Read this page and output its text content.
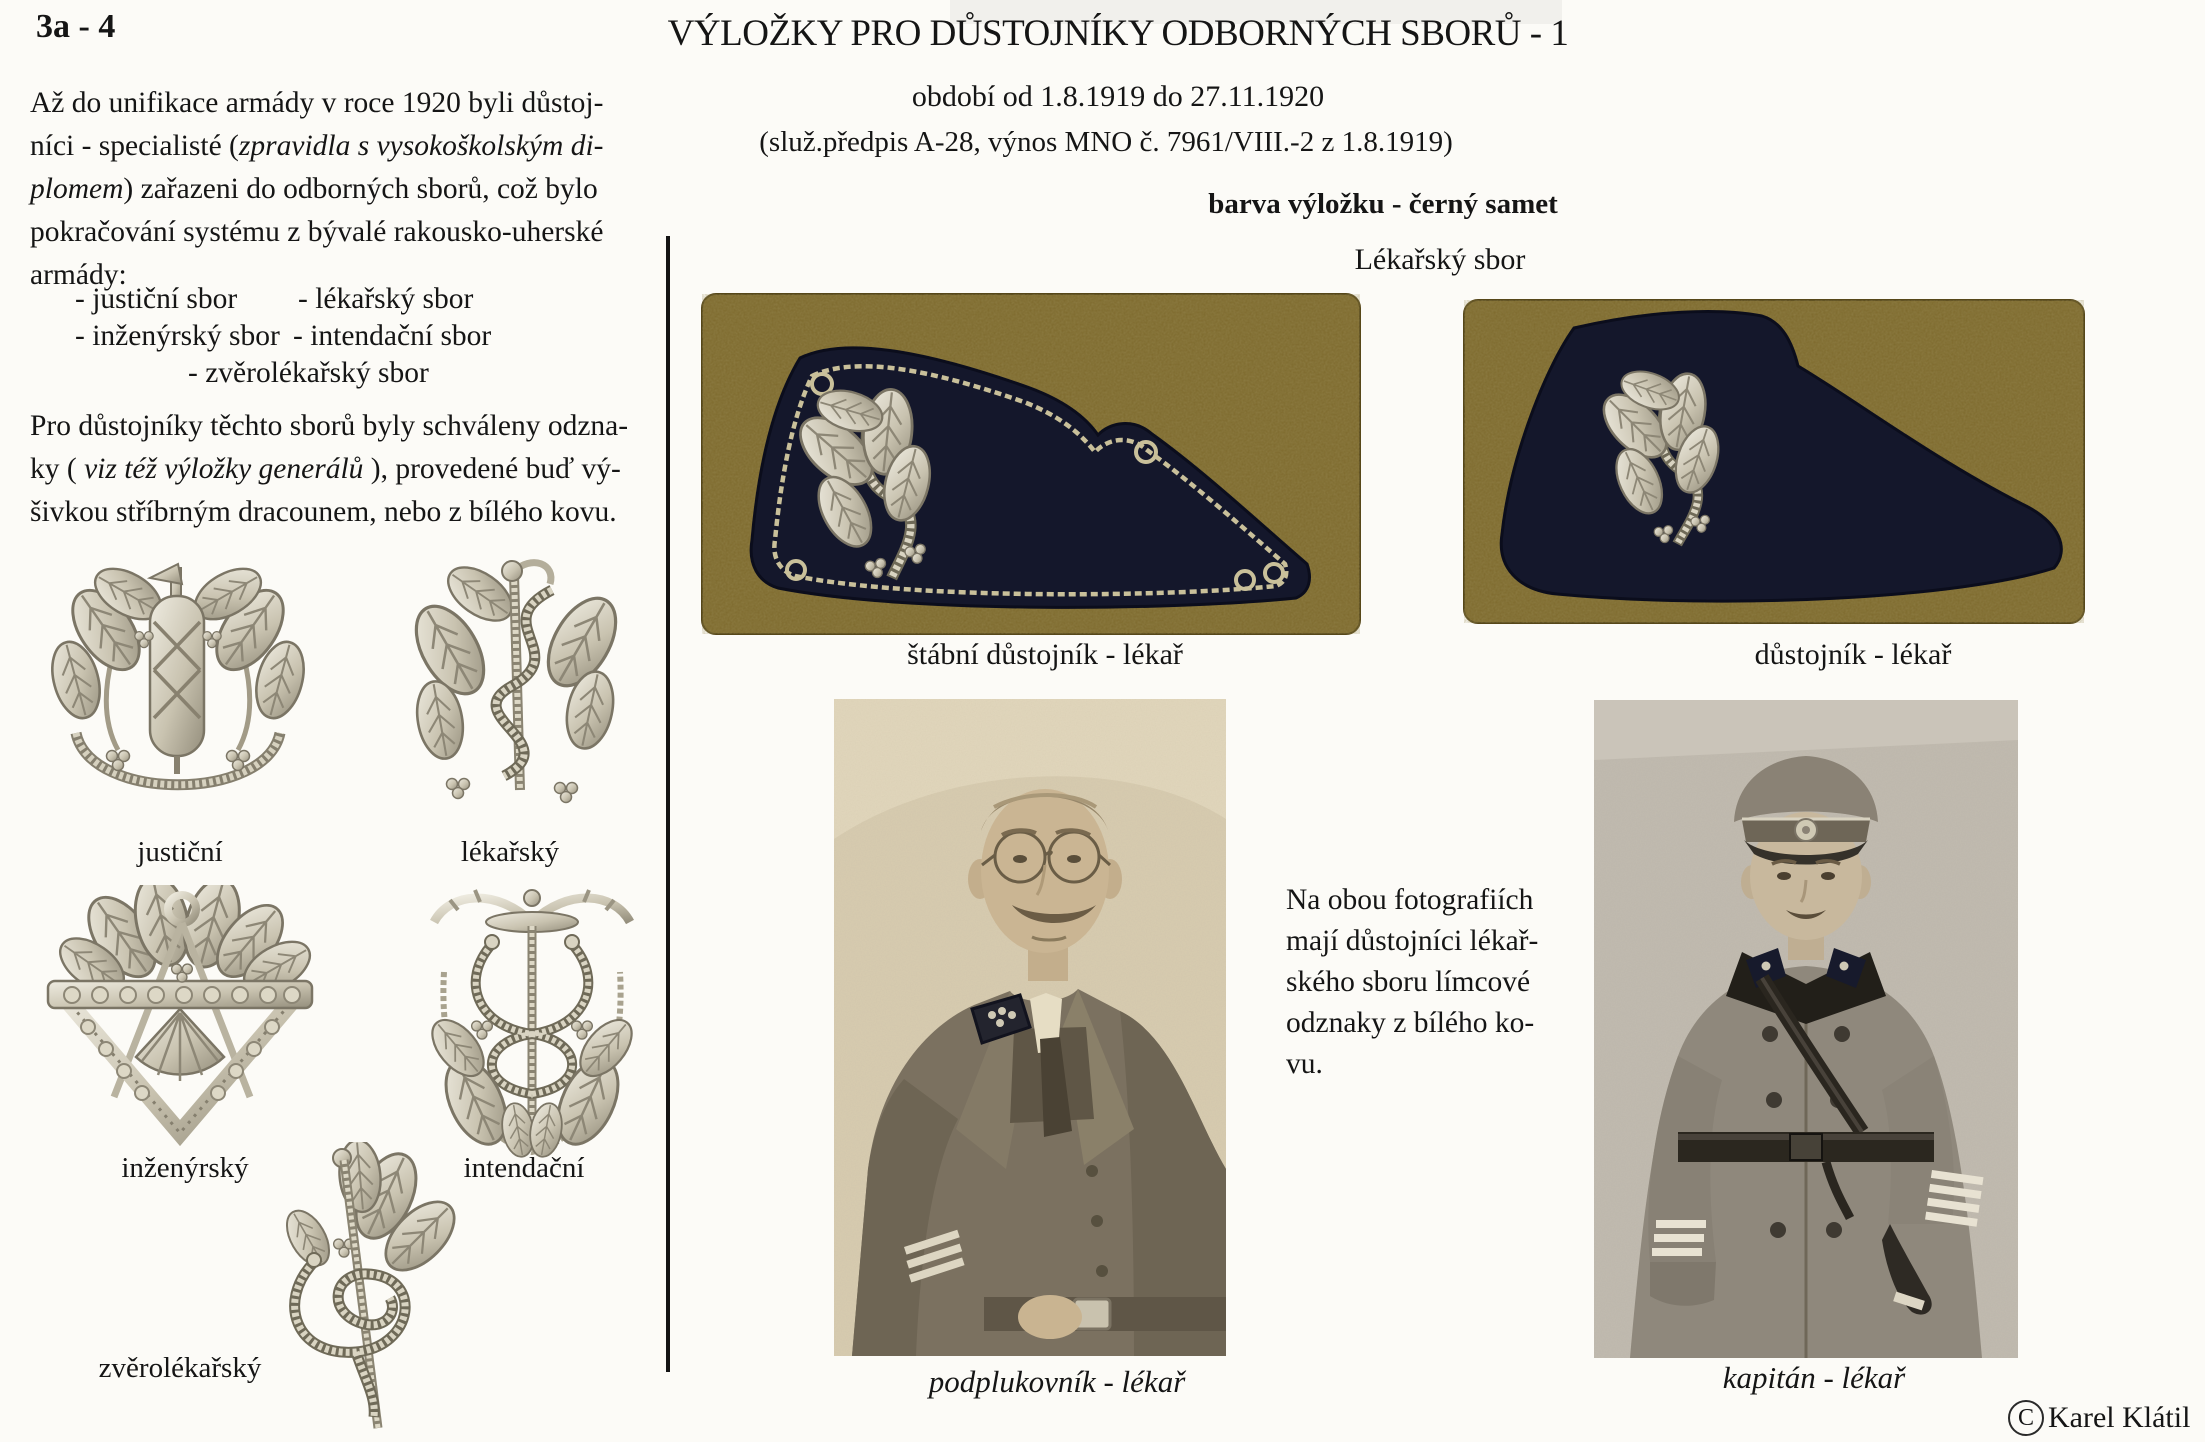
3a - 4	VÝLOŽKY PRO DŮSTOJNÍKY ODBORNÝCH SBORŮ - 1
období od 1.8.1919 do 27.11.1920
(služ.předpis A-28, výnos MNO č. 7961/VIII.-2 z 1.8.1919)
Až do unifikace armády v roce 1920 byli důstoj-
níci - specialisté (zpravidla s vysokoškolským di-
plomem) zařazeni do odborných sborů, což bylo
pokračování systému z bývalé rakousko-uherské
armády:
- justiční sbor - lékařský sbor
- inženýrský sbor - intendační sbor
- zvěrolékařský sbor
Pro důstojníky těchto sborů byly schváleny odzna-
ky ( viz též výložky generálů ), provedené buď vý-
šivkou stříbrným dracounem, nebo z bílého kovu.
justiční	lékařský
inženýrský	intendační
zvěrolékařský
barva výložku - černý samet
Lékařský sbor
štábní důstojník - lékař	důstojník - lékař
podplukovník - lékař
Na obou fotografiích
mají důstojníci lékař-
ského sboru límcové
odznaky z bílého ko-
vu.
kapitán - lékař
C Karel Klátil
